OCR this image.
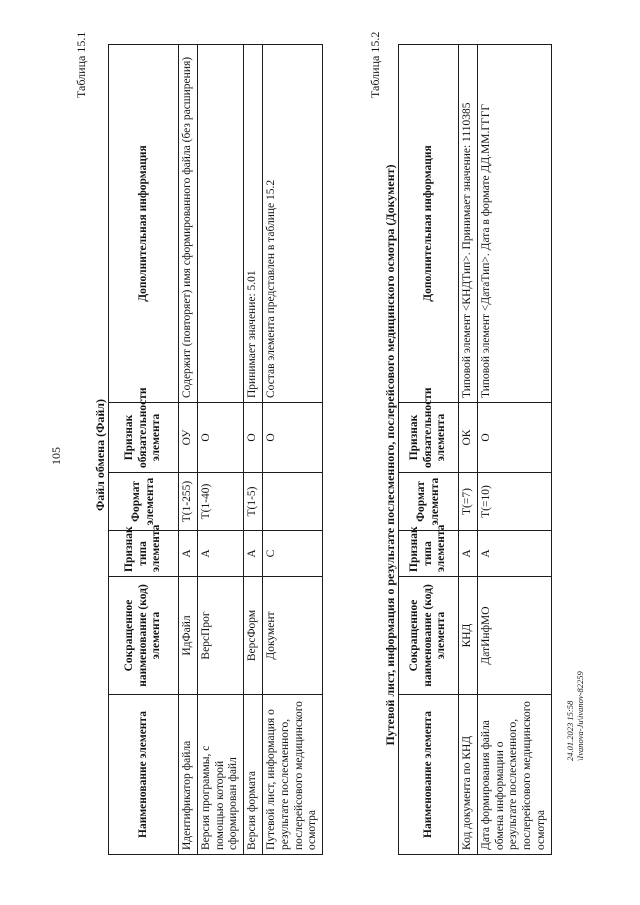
105
Таблица 15.1
Файл обмена (Файл)
Наименование элемента	Сокращенное наименование (код) элемента	Признак типа элемента	Формат элемента	Признак обязательности элемента	Дополнительная информация
Идентификатор файла	ИдФайл	А	Т(1-255)	ОУ	Содержит (повторяет) имя сформированного файла (без расширения)
Версия программы, с помощью которой сформирован файл	ВерсПрог	А	Т(1-40)	О	
Версия формата	ВерсФорм	А	Т(1-5)	О	Принимает значение: 5.01
Путевой лист, информация о результате послесменного, послерейсового медицинского осмотра	Документ	С		О	Состав элемента представлен в таблице 15.2
Таблица 15.2
Путевой лист, информация о результате послесменного, послерейсового медицинского осмотра (Документ)
Наименование элемента	Сокращенное наименование (код) элемента	Признак типа элемента	Формат элемента	Признак обязательности элемента	Дополнительная информация
Код документа по КНД	КНД	А	Т(=7)	ОК	Типовой элемент <КНДТип>. Принимает значение: 1110385
Дата формирования файла обмена информации о результате послесменного, послерейсового медицинского осмотра	ДатИнфМО	А	Т(=10)	О	Типовой элемент <ДатаТип>. Дата в формате ДД.ММ.ГГГГ
24.01.2023 15:58 \Ivanova-Ju\ivanov-82259
